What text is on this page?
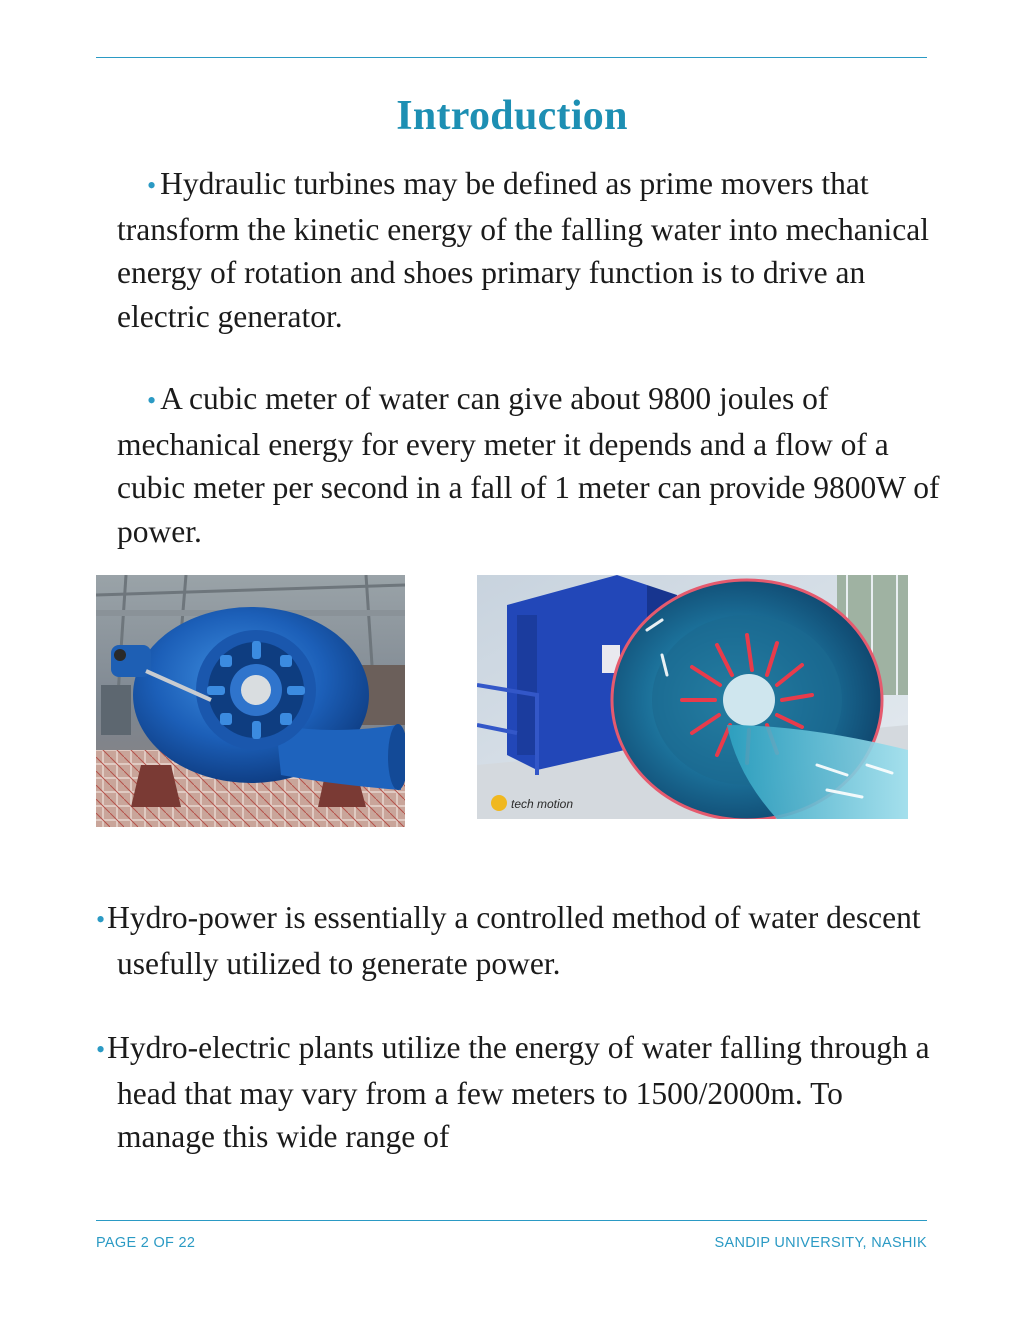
Introduction

• Hydraulic turbines may be defined as prime movers that transform the kinetic energy of the falling water into mechanical energy of rotation and shoes primary function is to drive an electric generator.

• A cubic meter of water can give about 9800 joules of mechanical energy for every meter it depends and a flow of a cubic meter per second in a fall of 1 meter can provide 9800W of power.

tech motion

•Hydro-power is essentially a controlled method of water descent usefully utilized to generate power.

•Hydro-electric plants utilize the energy of water falling through a head that may vary from a few meters to 1500/2000m. To manage this wide range of

PAGE 2 OF 22	SANDIP UNIVERSITY, NASHIK
